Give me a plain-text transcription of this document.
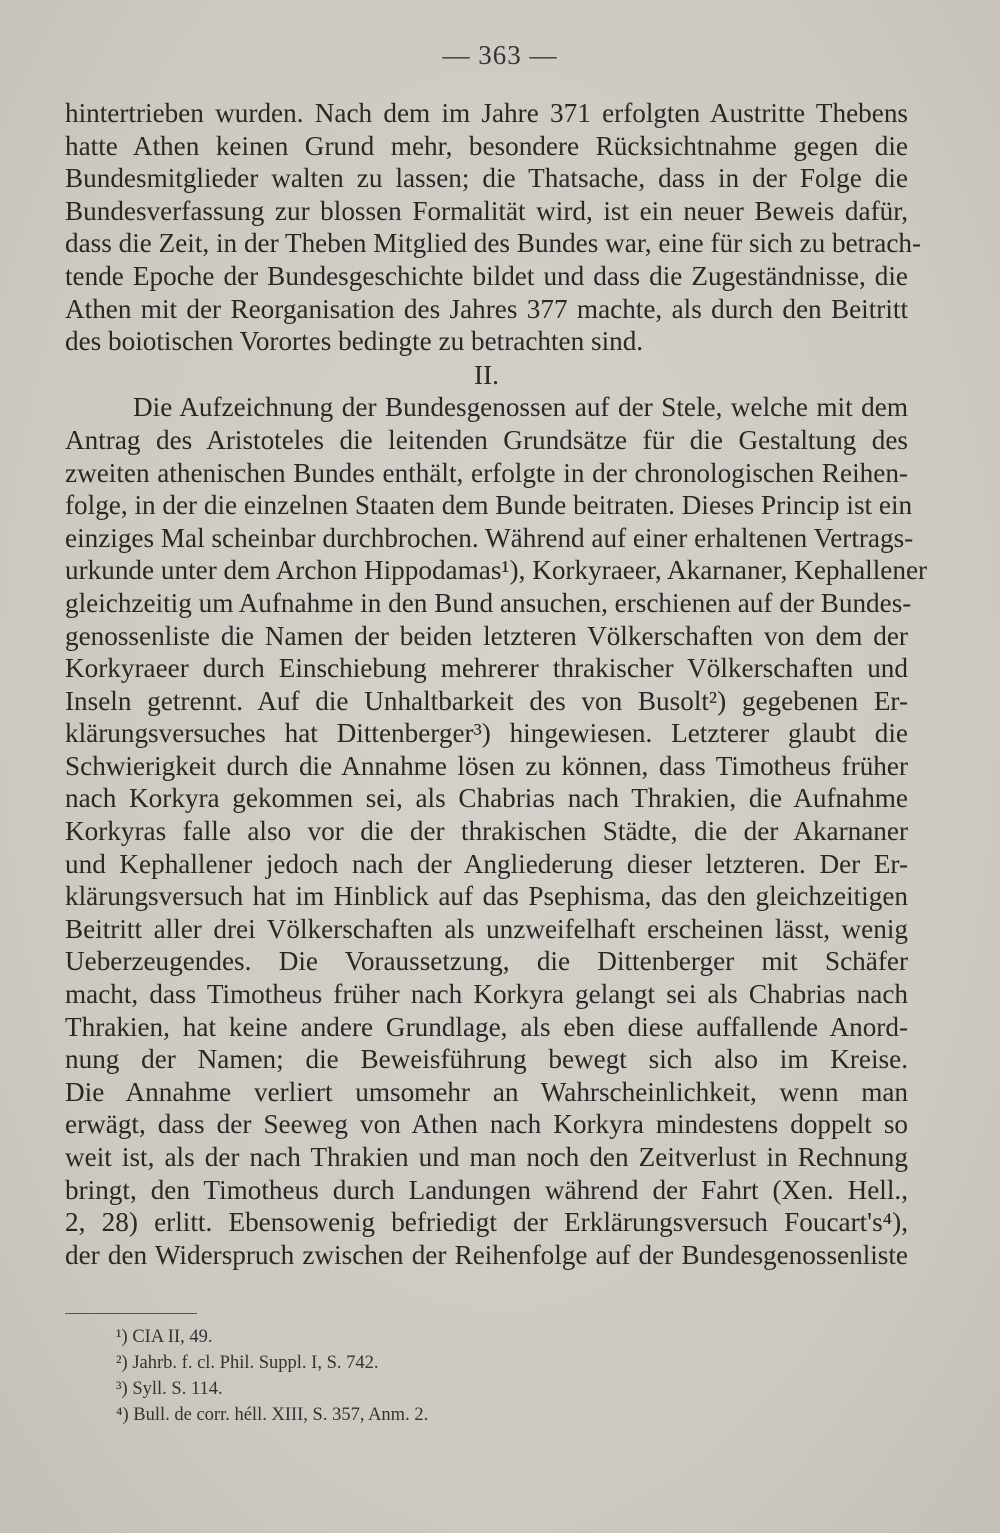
— 363 —
hintertrieben wurden. Nach dem im Jahre 371 erfolgten Austritte Thebens
hatte Athen keinen Grund mehr, besondere Rücksichtnahme gegen die
Bundesmitglieder walten zu lassen; die Thatsache, dass in der Folge die
Bundesverfassung zur blossen Formalität wird, ist ein neuer Beweis dafür,
dass die Zeit, in der Theben Mitglied des Bundes war, eine für sich zu betrach-
tende Epoche der Bundesgeschichte bildet und dass die Zugeständnisse, die
Athen mit der Reorganisation des Jahres 377 machte, als durch den Beitritt
des boiotischen Vorortes bedingte zu betrachten sind.
II.
Die Aufzeichnung der Bundesgenossen auf der Stele, welche mit dem
Antrag des Aristoteles die leitenden Grundsätze für die Gestaltung des
zweiten athenischen Bundes enthält, erfolgte in der chronologischen Reihen-
folge, in der die einzelnen Staaten dem Bunde beitraten. Dieses Princip ist ein
einziges Mal scheinbar durchbrochen. Während auf einer erhaltenen Vertrags-
urkunde unter dem Archon Hippodamas¹), Korkyraeer, Akarnaner, Kephallener
gleichzeitig um Aufnahme in den Bund ansuchen, erschienen auf der Bundes-
genossenliste die Namen der beiden letzteren Völkerschaften von dem der
Korkyraeer durch Einschiebung mehrerer thrakischer Völkerschaften und
Inseln getrennt. Auf die Unhaltbarkeit des von Busolt²) gegebenen Er-
klärungsversuches hat Dittenberger³) hingewiesen. Letzterer glaubt die
Schwierigkeit durch die Annahme lösen zu können, dass Timotheus früher
nach Korkyra gekommen sei, als Chabrias nach Thrakien, die Aufnahme
Korkyras falle also vor die der thrakischen Städte, die der Akarnaner
und Kephallener jedoch nach der Angliederung dieser letzteren. Der Er-
klärungsversuch hat im Hinblick auf das Psephisma, das den gleichzeitigen
Beitritt aller drei Völkerschaften als unzweifelhaft erscheinen lässt, wenig
Ueberzeugendes. Die Voraussetzung, die Dittenberger mit Schäfer
macht, dass Timotheus früher nach Korkyra gelangt sei als Chabrias nach
Thrakien, hat keine andere Grundlage, als eben diese auffallende Anord-
nung der Namen; die Beweisführung bewegt sich also im Kreise.
Die Annahme verliert umsomehr an Wahrscheinlichkeit, wenn man
erwägt, dass der Seeweg von Athen nach Korkyra mindestens doppelt so
weit ist, als der nach Thrakien und man noch den Zeitverlust in Rechnung
bringt, den Timotheus durch Landungen während der Fahrt (Xen. Hell.,
2, 28) erlitt. Ebensowenig befriedigt der Erklärungsversuch Foucart's⁴),
der den Widerspruch zwischen der Reihenfolge auf der Bundesgenossenliste
¹) CIA II, 49.
²) Jahrb. f. cl. Phil. Suppl. I, S. 742.
³) Syll. S. 114.
⁴) Bull. de corr. héll. XIII, S. 357, Anm. 2.
